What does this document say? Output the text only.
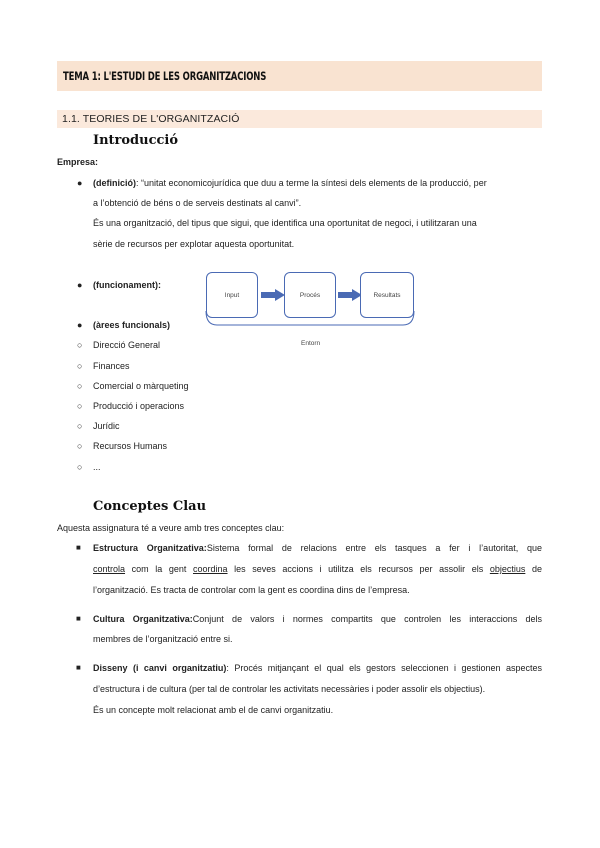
TEMA 1: L'ESTUDI DE LES ORGANITZACIONS
1.1. TEORIES DE L'ORGANITZACIÓ
Introducció
Empresa:
● (definició): “unitat economicojurídica que duu a terme la síntesi dels elements de la producció, per
a l’obtenció de béns o de serveis destinats al canvi”.
És una organització, del tipus que sigui, que identifica una oportunitat de negoci, i utilitzaran una
sèrie de recursos per explotar aquesta oportunitat.
● (funcionament):
Input	Procés	Resultats
Entorn
● (àrees funcionals)
○ Direcció General
○ Finances
○ Comercial o màrqueting
○ Producció i operacions
○ Jurídic
○ Recursos Humans
○ ...
Conceptes Clau
Aquesta assignatura té a veure amb tres conceptes clau:
■ Estructura Organitzativa:Sistema formal de relacions entre els tasques a fer i l’autoritat, que
controla com la gent coordina les seves accions i utilitza els recursos per assolir els objectius de
l’organització. Es tracta de controlar com la gent es coordina dins de l’empresa.
■ Cultura Organitzativa:Conjunt de valors i normes compartits que controlen les interaccions dels
membres de l’organització entre si.
■ Disseny (i canvi organitzatiu): Procés mitjançant el qual els gestors seleccionen i gestionen aspectes
d’estructura i de cultura (per tal de controlar les activitats necessàries i poder assolir els objectius).
És un concepte molt relacionat amb el de canvi organitzatiu.
